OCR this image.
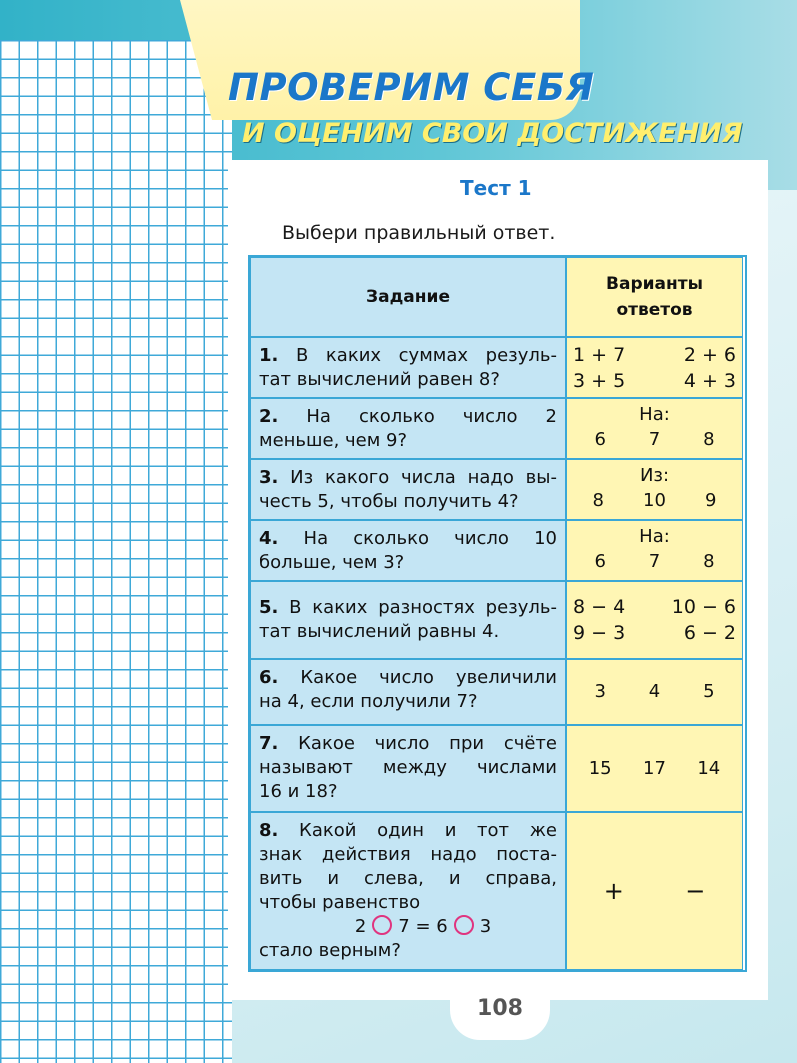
ПРОВЕРИМ СЕБЯ
И ОЦЕНИМ СВОИ ДОСТИЖЕНИЯ
Тест 1

Выбери правильный ответ.

Задание
Варианты
ответов
1. В каких суммах резуль-
тат вычислений равен 8?
1 + 7	2 + 6
3 + 5	4 + 3
2. На сколько число 2
меньше, чем 9?
На:
6 7 8
3. Из какого числа надо вы-
честь 5, чтобы получить 4?
Из:
8 10 9
4. На сколько число 10
больше, чем 3?
На:
6 7 8
5. В каких разностях резуль-
тат вычислений равны 4.
8 − 4	10 − 6
9 − 3	6 − 2
6. Какое число увеличили
на 4, если получили 7?	3 4 5
7. Какое число при счёте
называют между числами
16 и 18?
15 17 14
8. Какой один и тот же
знак действия надо поста-
вить и слева, и справа,
чтобы равенство
2 7 = 6 3
стало верным?
+	−
108
